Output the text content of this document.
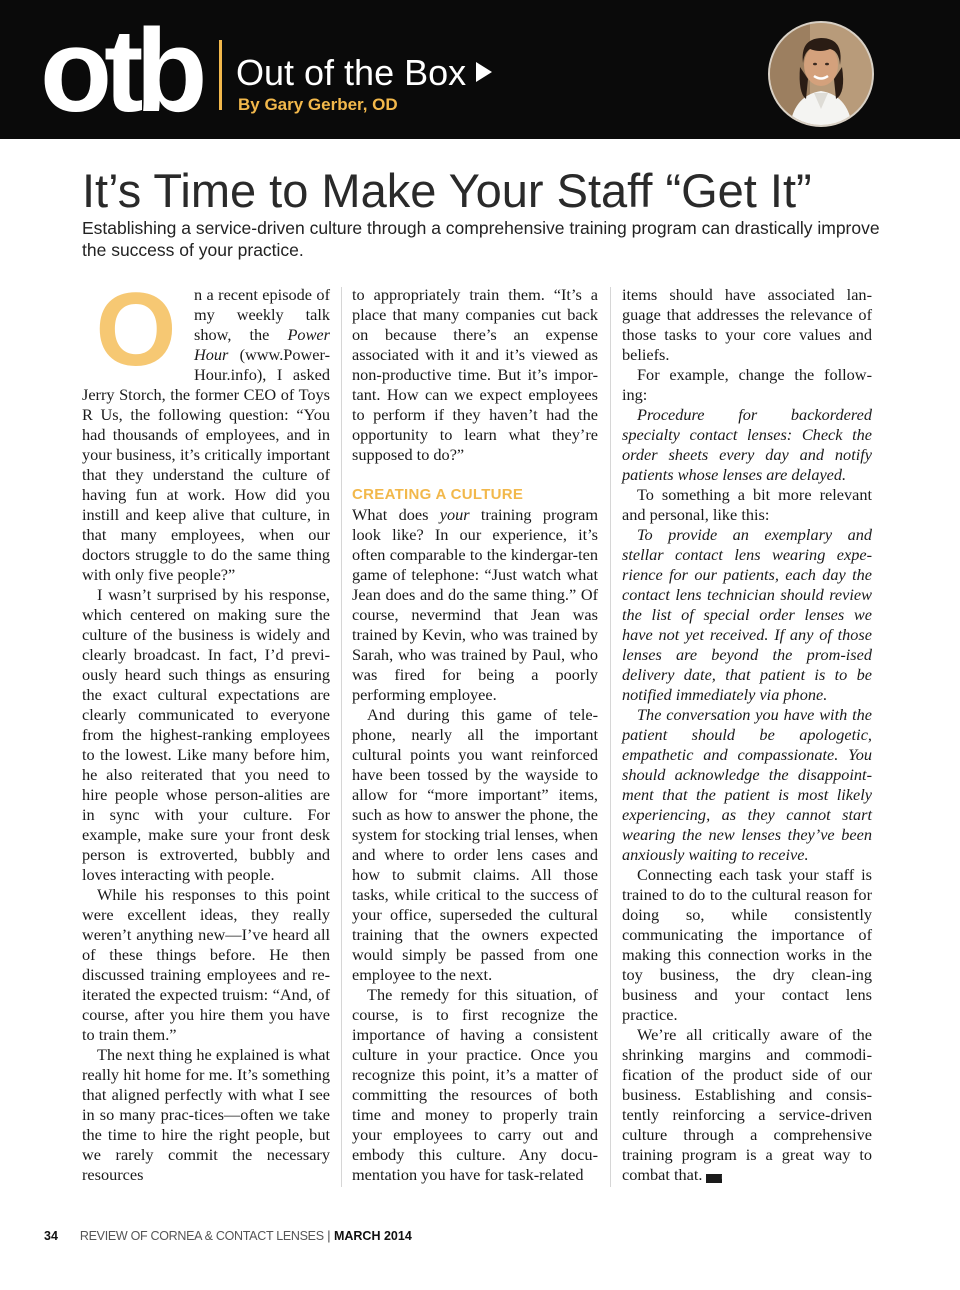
otb Out of the Box
By Gary Gerber, OD
It’s Time to Make Your Staff “Get It”

Establishing a service-driven culture through a comprehensive training program can drastically improve the success of your practice.

O	n a recent episode of my weekly talk show, the Power Hour (www.Power-Hour.info), I asked Jerry Storch, the former CEO of Toys R Us, the following question: “You had thousands of employees, and in your business, it’s critically important that they understand the culture of having fun at work. How did you instill and keep alive that culture, in that many employees, when our doctors struggle to do the same thing with only five people?”

I wasn’t surprised by his response, which centered on making sure the culture of the business is widely and clearly broadcast. In fact, I’d previ-ously heard such things as ensuring the exact cultural expectations are clearly communicated to everyone from the highest-ranking employees to the lowest. Like many before him, he also reiterated that you need to hire people whose person-alities are in sync with your culture. For example, make sure your front desk person is extroverted, bubbly and loves interacting with people.

While his responses to this point were excellent ideas, they really weren’t anything new—I’ve heard all of these things before. He then discussed training employees and re-iterated the expected truism: “And, of course, after you hire them you have to train them.”

The next thing he explained is what really hit home for me. It’s something that aligned perfectly with what I see in so many prac-tices—often we take the time to hire the right people, but we rarely commit the necessary resources

to appropriately train them. “It’s a place that many companies cut back on because there’s an expense associated with it and it’s viewed as non-productive time. But it’s impor-tant. How can we expect employees to perform if they haven’t had the opportunity to learn what they’re supposed to do?”

CREATING A CULTURE

What does your training program look like? In our experience, it’s often comparable to the kindergar-ten game of telephone: “Just watch what Jean does and do the same thing.” Of course, nevermind that Jean was trained by Kevin, who was trained by Sarah, who was trained by Paul, who was fired for being a poorly performing employee.

And during this game of tele-phone, nearly all the important cultural points you want reinforced have been tossed by the wayside to allow for “more important” items, such as how to answer the phone, the system for stocking trial lenses, when and where to order lens cases and how to submit claims. All those tasks, while critical to the success of your office, superseded the cultural training that the owners expected would simply be passed from one employee to the next.

The remedy for this situation, of course, is to first recognize the importance of having a consistent culture in your practice. Once you recognize this point, it’s a matter of committing the resources of both time and money to properly train your employees to carry out and embody this culture. Any docu-mentation you have for task-related

items should have associated lan-guage that addresses the relevance of those tasks to your core values and beliefs.

For example, change the follow-ing:

Procedure for backordered specialty contact lenses: Check the order sheets every day and notify patients whose lenses are delayed.

To something a bit more relevant and personal, like this:

To provide an exemplary and stellar contact lens wearing expe-rience for our patients, each day the contact lens technician should review the list of special order lenses we have not yet received. If any of those lenses are beyond the prom-ised delivery date, that patient is to be notified immediately via phone.

The conversation you have with the patient should be apologetic, empathetic and compassionate. You should acknowledge the disappoint-ment that the patient is most likely experiencing, as they cannot start wearing the new lenses they’ve been anxiously waiting to receive.

Connecting each task your staff is trained to do to the cultural reason for doing so, while consistently communicating the importance of making this connection works in the toy business, the dry clean-ing business and your contact lens practice.

We’re all critically aware of the shrinking margins and commodi-fication of the product side of our business. Establishing and consis-tently reinforcing a service-driven culture through a comprehensive training program is a great way to combat that.	RCCL

34 REVIEW OF CORNEA & CONTACT LENSES | MARCH 2014
